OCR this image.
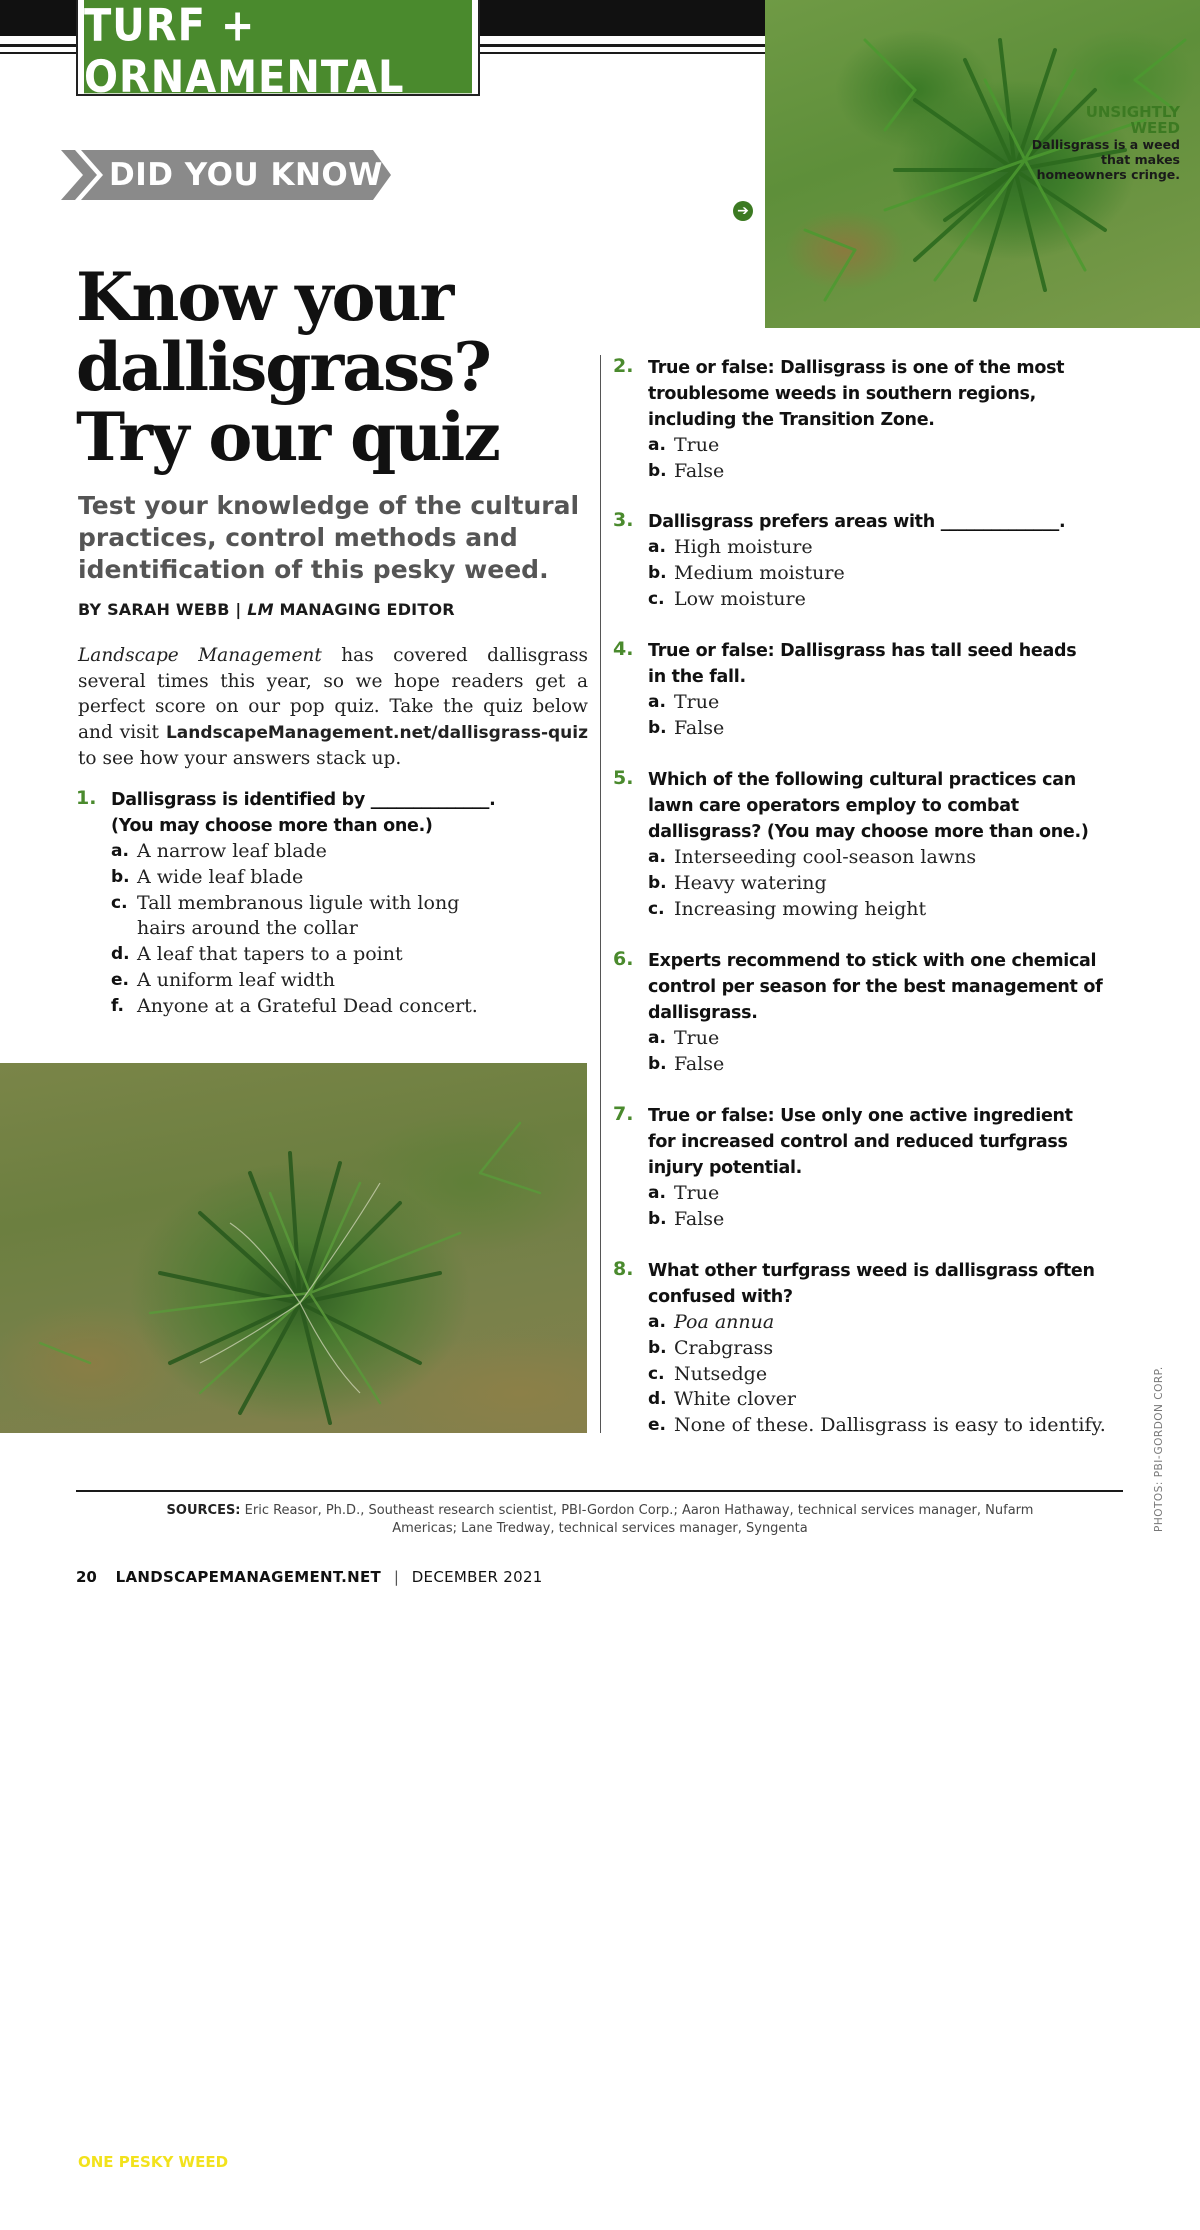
TURF + ORNAMENTAL
UNSIGHTLY
WEED
Dallisgrass is a weed that makes homeowners cringe.
➔
DID YOU KNOW
Know your
dallisgrass?
Try our quiz
Test your knowledge of the cultural practices, control methods and identification of this pesky weed.
BY SARAH WEBB | LM MANAGING EDITOR

Landscape Management has covered dallisgrass several times this year, so we hope readers get a perfect score on our pop quiz. Take the quiz below and visit LandscapeManagement.net/dallisgrass-quiz to see how your answers stack up.

1. Dallisgrass is identified by ______________. (You may choose more than one.)
a. A narrow leaf blade
b. A wide leaf blade
c. Tall membranous ligule with long hairs around the collar
d. A leaf that tapers to a point
e. A uniform leaf width
f. Anyone at a Grateful Dead concert.
ONE PESKY WEED
Dallisgrass is a troublesome weed that many lawn care operators struggle to control.
2. True or false: Dallisgrass is one of the most troublesome weeds in southern regions, including the Transition Zone.
a. True
b. False
3. Dallisgrass prefers areas with ______________.
a. High moisture
b. Medium moisture
c. Low moisture
4. True or false: Dallisgrass has tall seed heads in the fall.
a. True
b. False
5. Which of the following cultural practices can lawn care operators employ to combat dallisgrass? (You may choose more than one.)
a. Interseeding cool-season lawns
b. Heavy watering
c. Increasing mowing height
6. Experts recommend to stick with one chemical control per season for the best management of dallisgrass.
a. True
b. False
7. True or false: Use only one active ingredient for increased control and reduced turfgrass injury potential.
a. True
b. False
8. What other turfgrass weed is dallisgrass often confused with?
a. Poa annua
b. Crabgrass
c. Nutsedge
d. White clover
e. None of these. Dallisgrass is easy to identify.
SOURCES: Eric Reasor, Ph.D., Southeast research scientist, PBI-Gordon Corp.; Aaron Hathaway, technical services manager, Nufarm Americas; Lane Tredway, technical services manager, Syngenta	PHOTOS: PBI-GORDON CORP.
20 LANDSCAPEMANAGEMENT.NET | DECEMBER 2021
